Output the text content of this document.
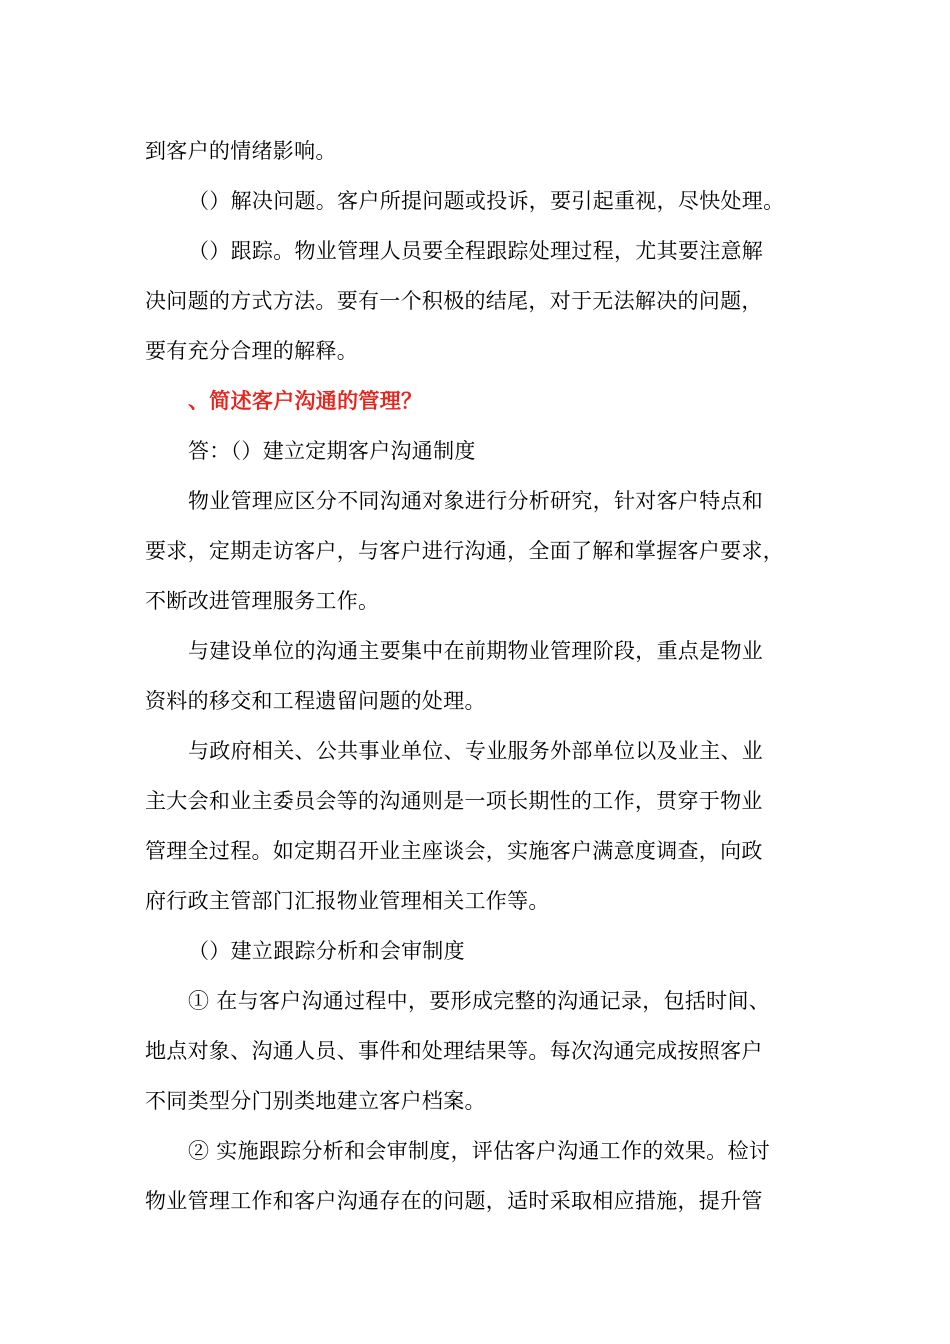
到客户的情绪影响。
（）解决问题。客户所提问题或投诉，要引起重视，尽快处理。
（）跟踪。物业管理人员要全程跟踪处理过程，尤其要注意解
决问题的方式方法。要有一个积极的结尾，对于无法解决的问题，
要有充分合理的解释。
、简述客户沟通的管理？
答：（）建立定期客户沟通制度
物业管理应区分不同沟通对象进行分析研究，针对客户特点和
要求，定期走访客户，与客户进行沟通，全面了解和掌握客户要求，
不断改进管理服务工作。
与建设单位的沟通主要集中在前期物业管理阶段，重点是物业
资料的移交和工程遗留问题的处理。
与政府相关、公共事业单位、专业服务外部单位以及业主、业
主大会和业主委员会等的沟通则是一项长期性的工作，贯穿于物业
管理全过程。如定期召开业主座谈会，实施客户满意度调查，向政
府行政主管部门汇报物业管理相关工作等。
（）建立跟踪分析和会审制度
① 在与客户沟通过程中，要形成完整的沟通记录，包括时间、
地点对象、沟通人员、事件和处理结果等。每次沟通完成按照客户
不同类型分门别类地建立客户档案。
② 实施跟踪分析和会审制度，评估客户沟通工作的效果。检讨
物业管理工作和客户沟通存在的问题，适时采取相应措施，提升管
